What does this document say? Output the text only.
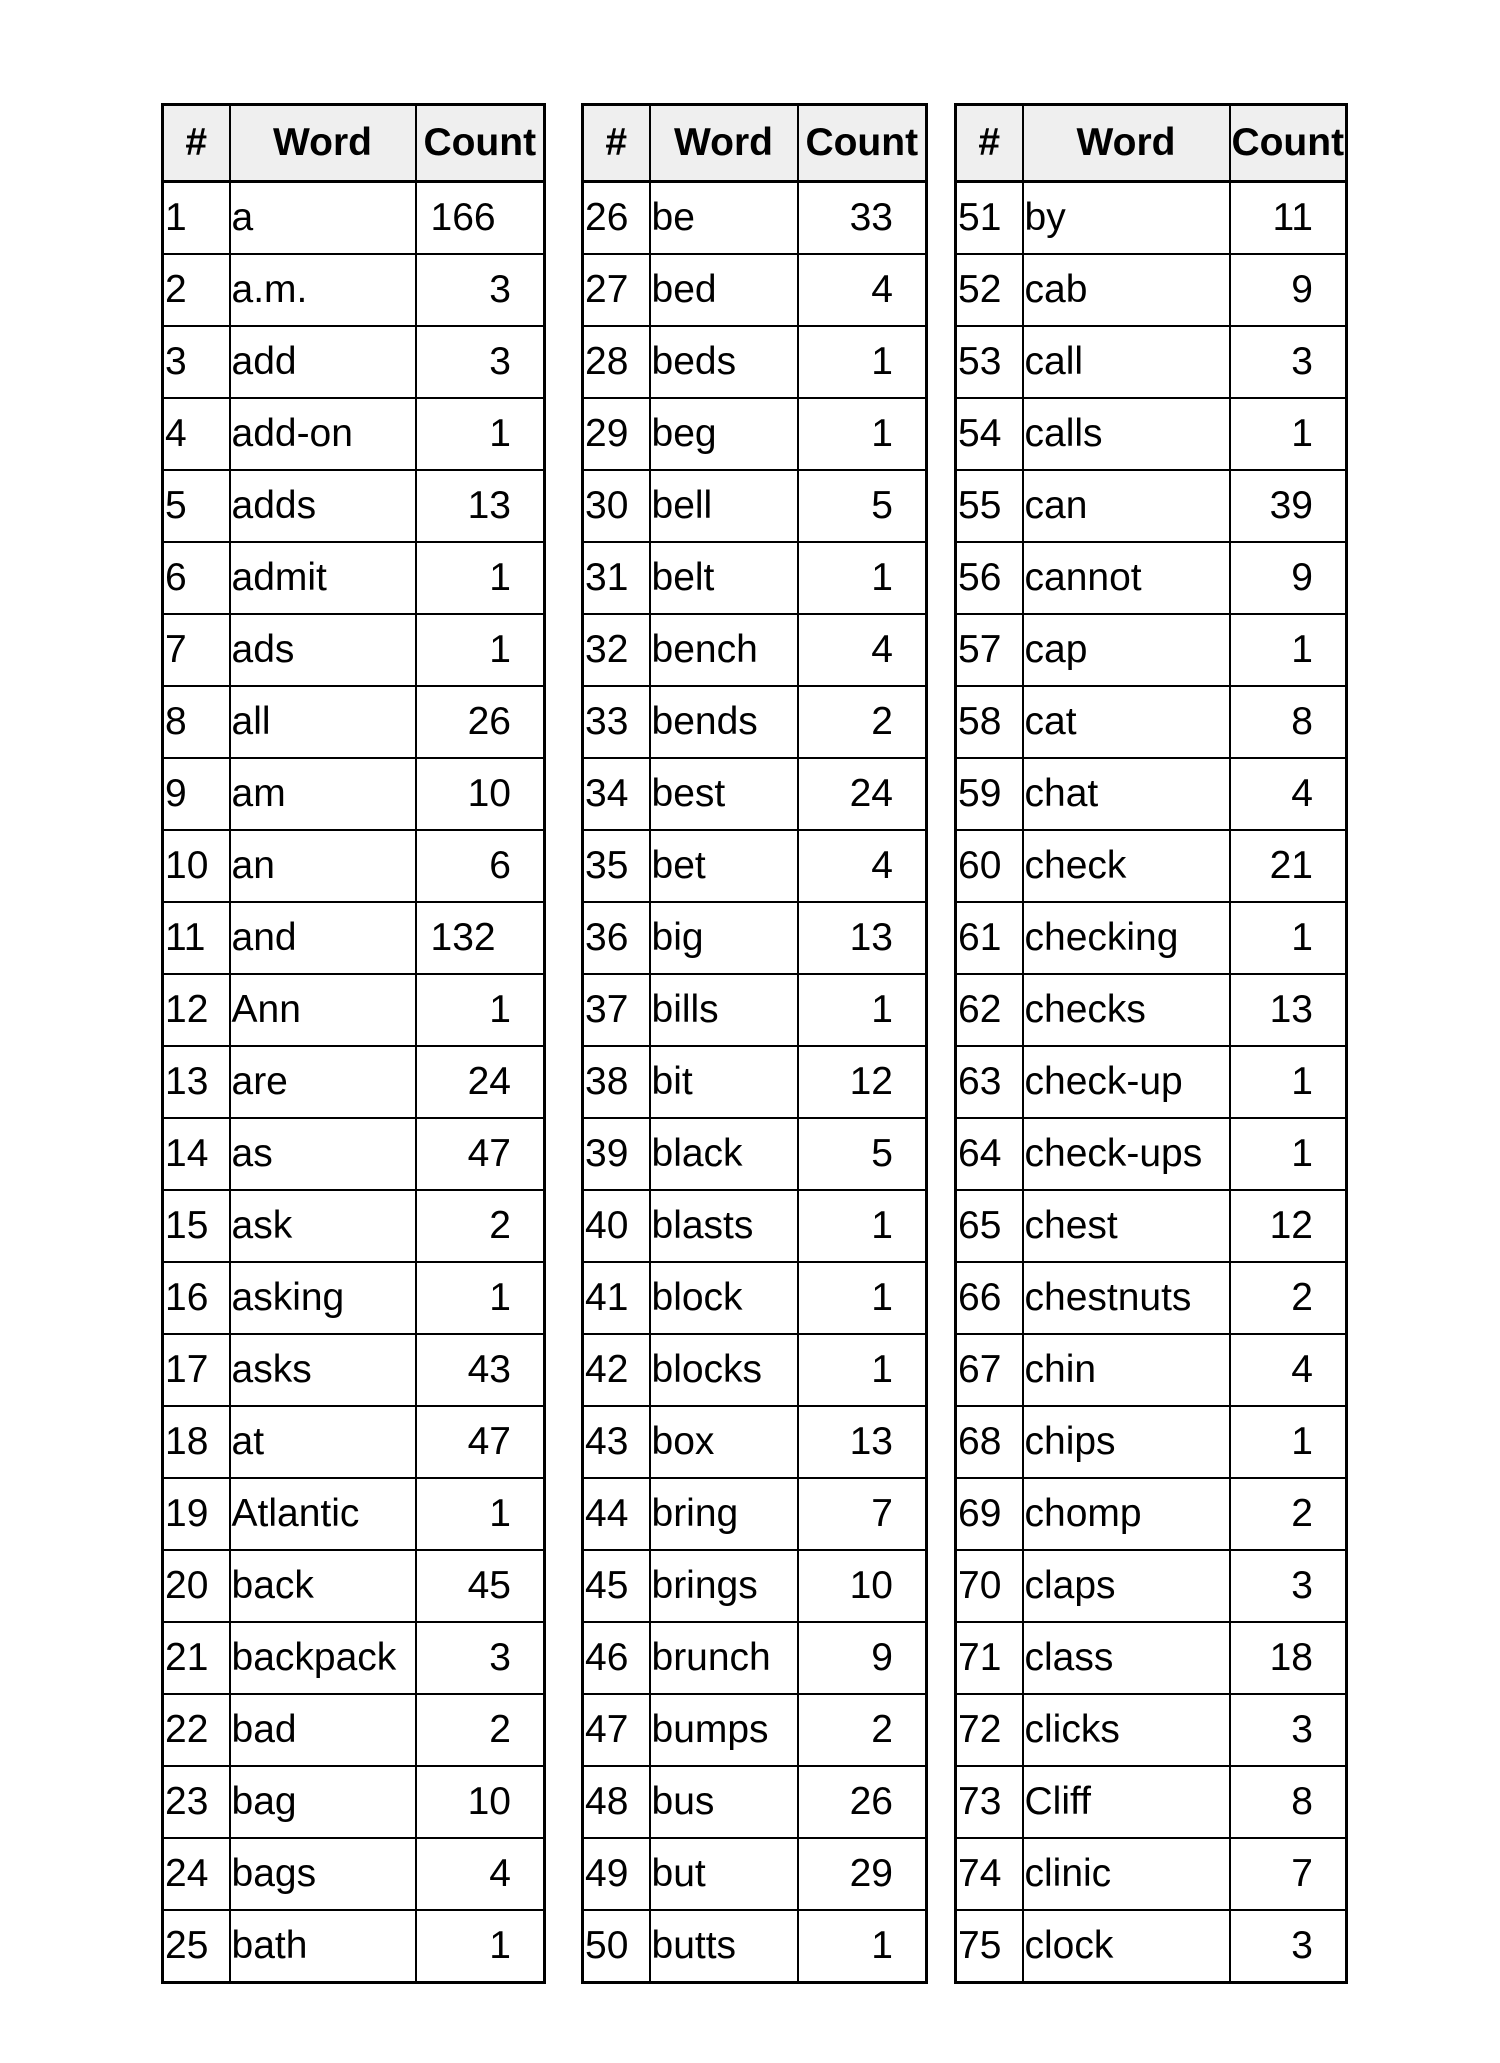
#	Word	Count
1	a	166
2	a.m.	3
3	add	3
4	add-on	1
5	adds	13
6	admit	1
7	ads	1
8	all	26
9	am	10
10	an	6
11	and	132
12	Ann	1
13	are	24
14	as	47
15	ask	2
16	asking	1
17	asks	43
18	at	47
19	Atlantic	1
20	back	45
21	backpack	3
22	bad	2
23	bag	10
24	bags	4
25	bath	1
#	Word	Count
26	be	33
27	bed	4
28	beds	1
29	beg	1
30	bell	5
31	belt	1
32	bench	4
33	bends	2
34	best	24
35	bet	4
36	big	13
37	bills	1
38	bit	12
39	black	5
40	blasts	1
41	block	1
42	blocks	1
43	box	13
44	bring	7
45	brings	10
46	brunch	9
47	bumps	2
48	bus	26
49	but	29
50	butts	1
#	Word	Count
51	by	11
52	cab	9
53	call	3
54	calls	1
55	can	39
56	cannot	9
57	cap	1
58	cat	8
59	chat	4
60	check	21
61	checking	1
62	checks	13
63	check-up	1
64	check-ups	1
65	chest	12
66	chestnuts	2
67	chin	4
68	chips	1
69	chomp	2
70	claps	3
71	class	18
72	clicks	3
73	Cliff	8
74	clinic	7
75	clock	3
